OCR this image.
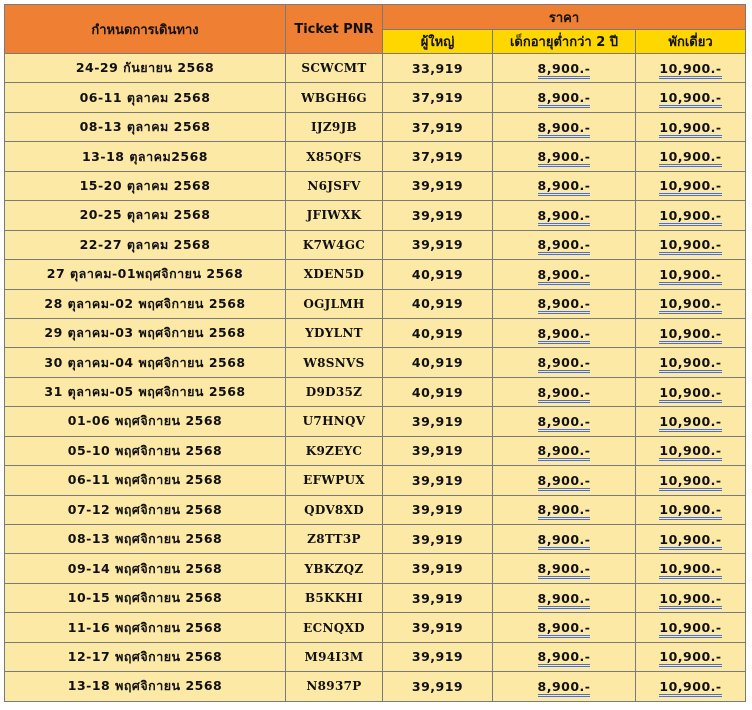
กำหนดการเดินทาง	Ticket PNR	ราคา		
		ผู้ใหญ่	เด็กอายุต่ำกว่า 2 ปี	พักเดี่ยว
24-29 กันยายน 2568	SCWCMT	33,919	8,900.-	10,900.-
06-11 ตุลาคม 2568	WBGH6G	37,919	8,900.-	10,900.-
08-13 ตุลาคม 2568	IJZ9JB	37,919	8,900.-	10,900.-
13-18 ตุลาคม2568	X85QFS	37,919	8,900.-	10,900.-
15-20 ตุลาคม 2568	N6JSFV	39,919	8,900.-	10,900.-
20-25 ตุลาคม 2568	JFIWXK	39,919	8,900.-	10,900.-
22-27 ตุลาคม 2568	K7W4GC	39,919	8,900.-	10,900.-
27 ตุลาคม-01พฤศจิกายน 2568	XDEN5D	40,919	8,900.-	10,900.-
28 ตุลาคม-02 พฤศจิกายน 2568	OGJLMH	40,919	8,900.-	10,900.-
29 ตุลาคม-03 พฤศจิกายน 2568	YDYLNT	40,919	8,900.-	10,900.-
30 ตุลาคม-04 พฤศจิกายน 2568	W8SNVS	40,919	8,900.-	10,900.-
31 ตุลาคม-05 พฤศจิกายน 2568	D9D35Z	40,919	8,900.-	10,900.-
01-06 พฤศจิกายน 2568	U7HNQV	39,919	8,900.-	10,900.-
05-10 พฤศจิกายน 2568	K9ZEYC	39,919	8,900.-	10,900.-
06-11 พฤศจิกายน 2568	EFWPUX	39,919	8,900.-	10,900.-
07-12 พฤศจิกายน 2568	QDV8XD	39,919	8,900.-	10,900.-
08-13 พฤศจิกายน 2568	Z8TT3P	39,919	8,900.-	10,900.-
09-14 พฤศจิกายน 2568	YBKZQZ	39,919	8,900.-	10,900.-
10-15 พฤศจิกายน 2568	B5KKHI	39,919	8,900.-	10,900.-
11-16 พฤศจิกายน 2568	ECNQXD	39,919	8,900.-	10,900.-
12-17 พฤศจิกายน 2568	M94I3M	39,919	8,900.-	10,900.-
13-18 พฤศจิกายน 2568	N8937P	39,919	8,900.-	10,900.-
